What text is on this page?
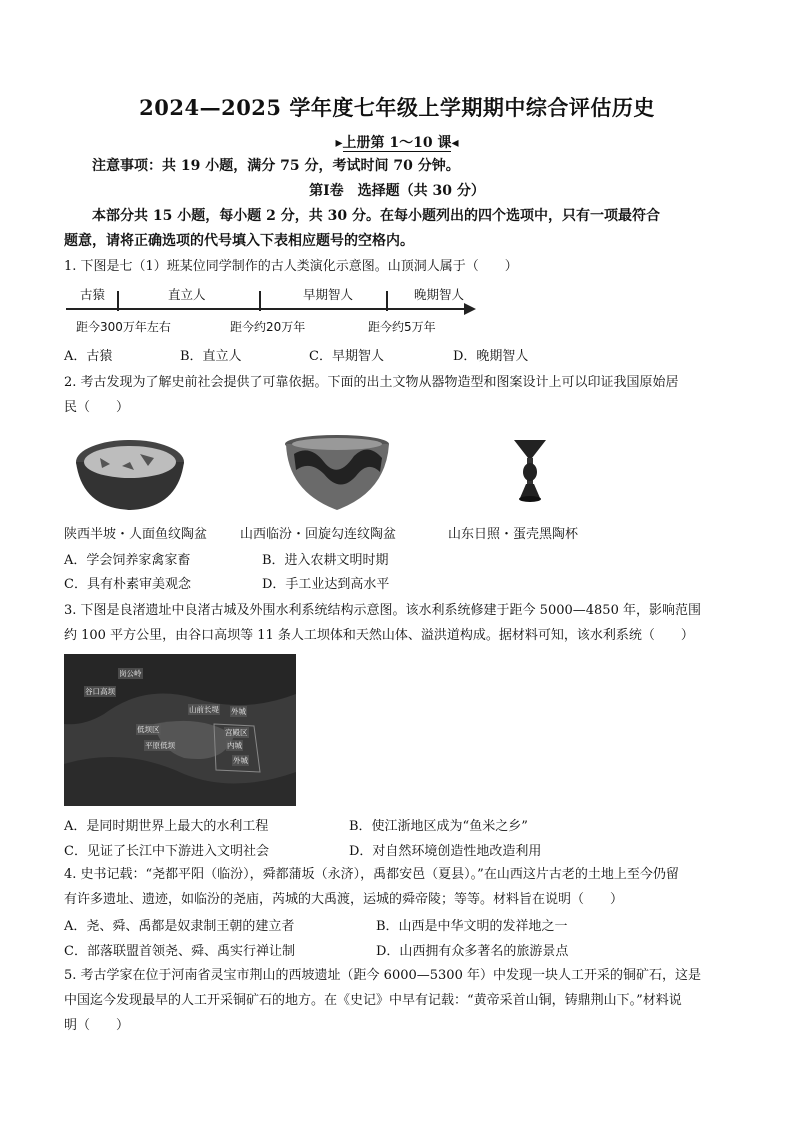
2024—2025 学年度七年级上学期期中综合评估历史
▸上册第 1～10 课◂
注意事项：共 19 小题，满分 75 分，考试时间 70 分钟。
第Ⅰ卷　选择题（共 30 分）
本部分共 15 小题，每小题 2 分，共 30 分。在每小题列出的四个选项中，只有一项最符合
题意，请将正确选项的代号填入下表相应题号的空格内。
1. 下图是七（1）班某位同学制作的古人类演化示意图。山顶洞人属于（　　）
古猿	直立人	早期智人	晚期智人
距今300万年左右	距今约20万年	距今约5万年
A．古猿	B．直立人	C．早期智人	D．晚期智人
2. 考古发现为了解史前社会提供了可靠依据。下面的出土文物从器物造型和图案设计上可以印证我国原始居
民（　　）
陕西半坡・人面鱼纹陶盆	山西临汾・回旋勾连纹陶盆	山东日照・蛋壳黑陶杯
A．学会饲养家禽家畜	B．进入农耕文明时期
C．具有朴素审美观念	D．手工业达到高水平
3. 下图是良渚遗址中良渚古城及外围水利系统结构示意图。该水利系统修建于距今 5000—4850 年，影响范围
约 100 平方公里，由谷口高坝等 11 条人工坝体和天然山体、溢洪道构成。据材料可知，该水利系统（　　）
岗公岭
谷口高坝
山前长堤 外城
低坝区	宫殿区
平原低坝	内城
外城
A．是同时期世界上最大的水利工程	B．使江浙地区成为“鱼米之乡”
C．见证了长江中下游进入文明社会	D．对自然环境创造性地改造利用
4. 史书记载：“尧都平阳（临汾），舜都蒲坂（永济），禹都安邑（夏县）。”在山西这片古老的土地上至今仍留
有许多遗址、遗迹，如临汾的尧庙，芮城的大禹渡，运城的舜帝陵；等等。材料旨在说明（　　）
A．尧、舜、禹都是奴隶制王朝的建立者	B．山西是中华文明的发祥地之一
C．部落联盟首领尧、舜、禹实行禅让制	D．山西拥有众多著名的旅游景点
5. 考古学家在位于河南省灵宝市荆山的西坡遗址（距今 6000—5300 年）中发现一块人工开采的铜矿石，这是
中国迄今发现最早的人工开采铜矿石的地方。在《史记》中早有记载：“黄帝采首山铜，铸鼎荆山下。”材料说
明（　　）
